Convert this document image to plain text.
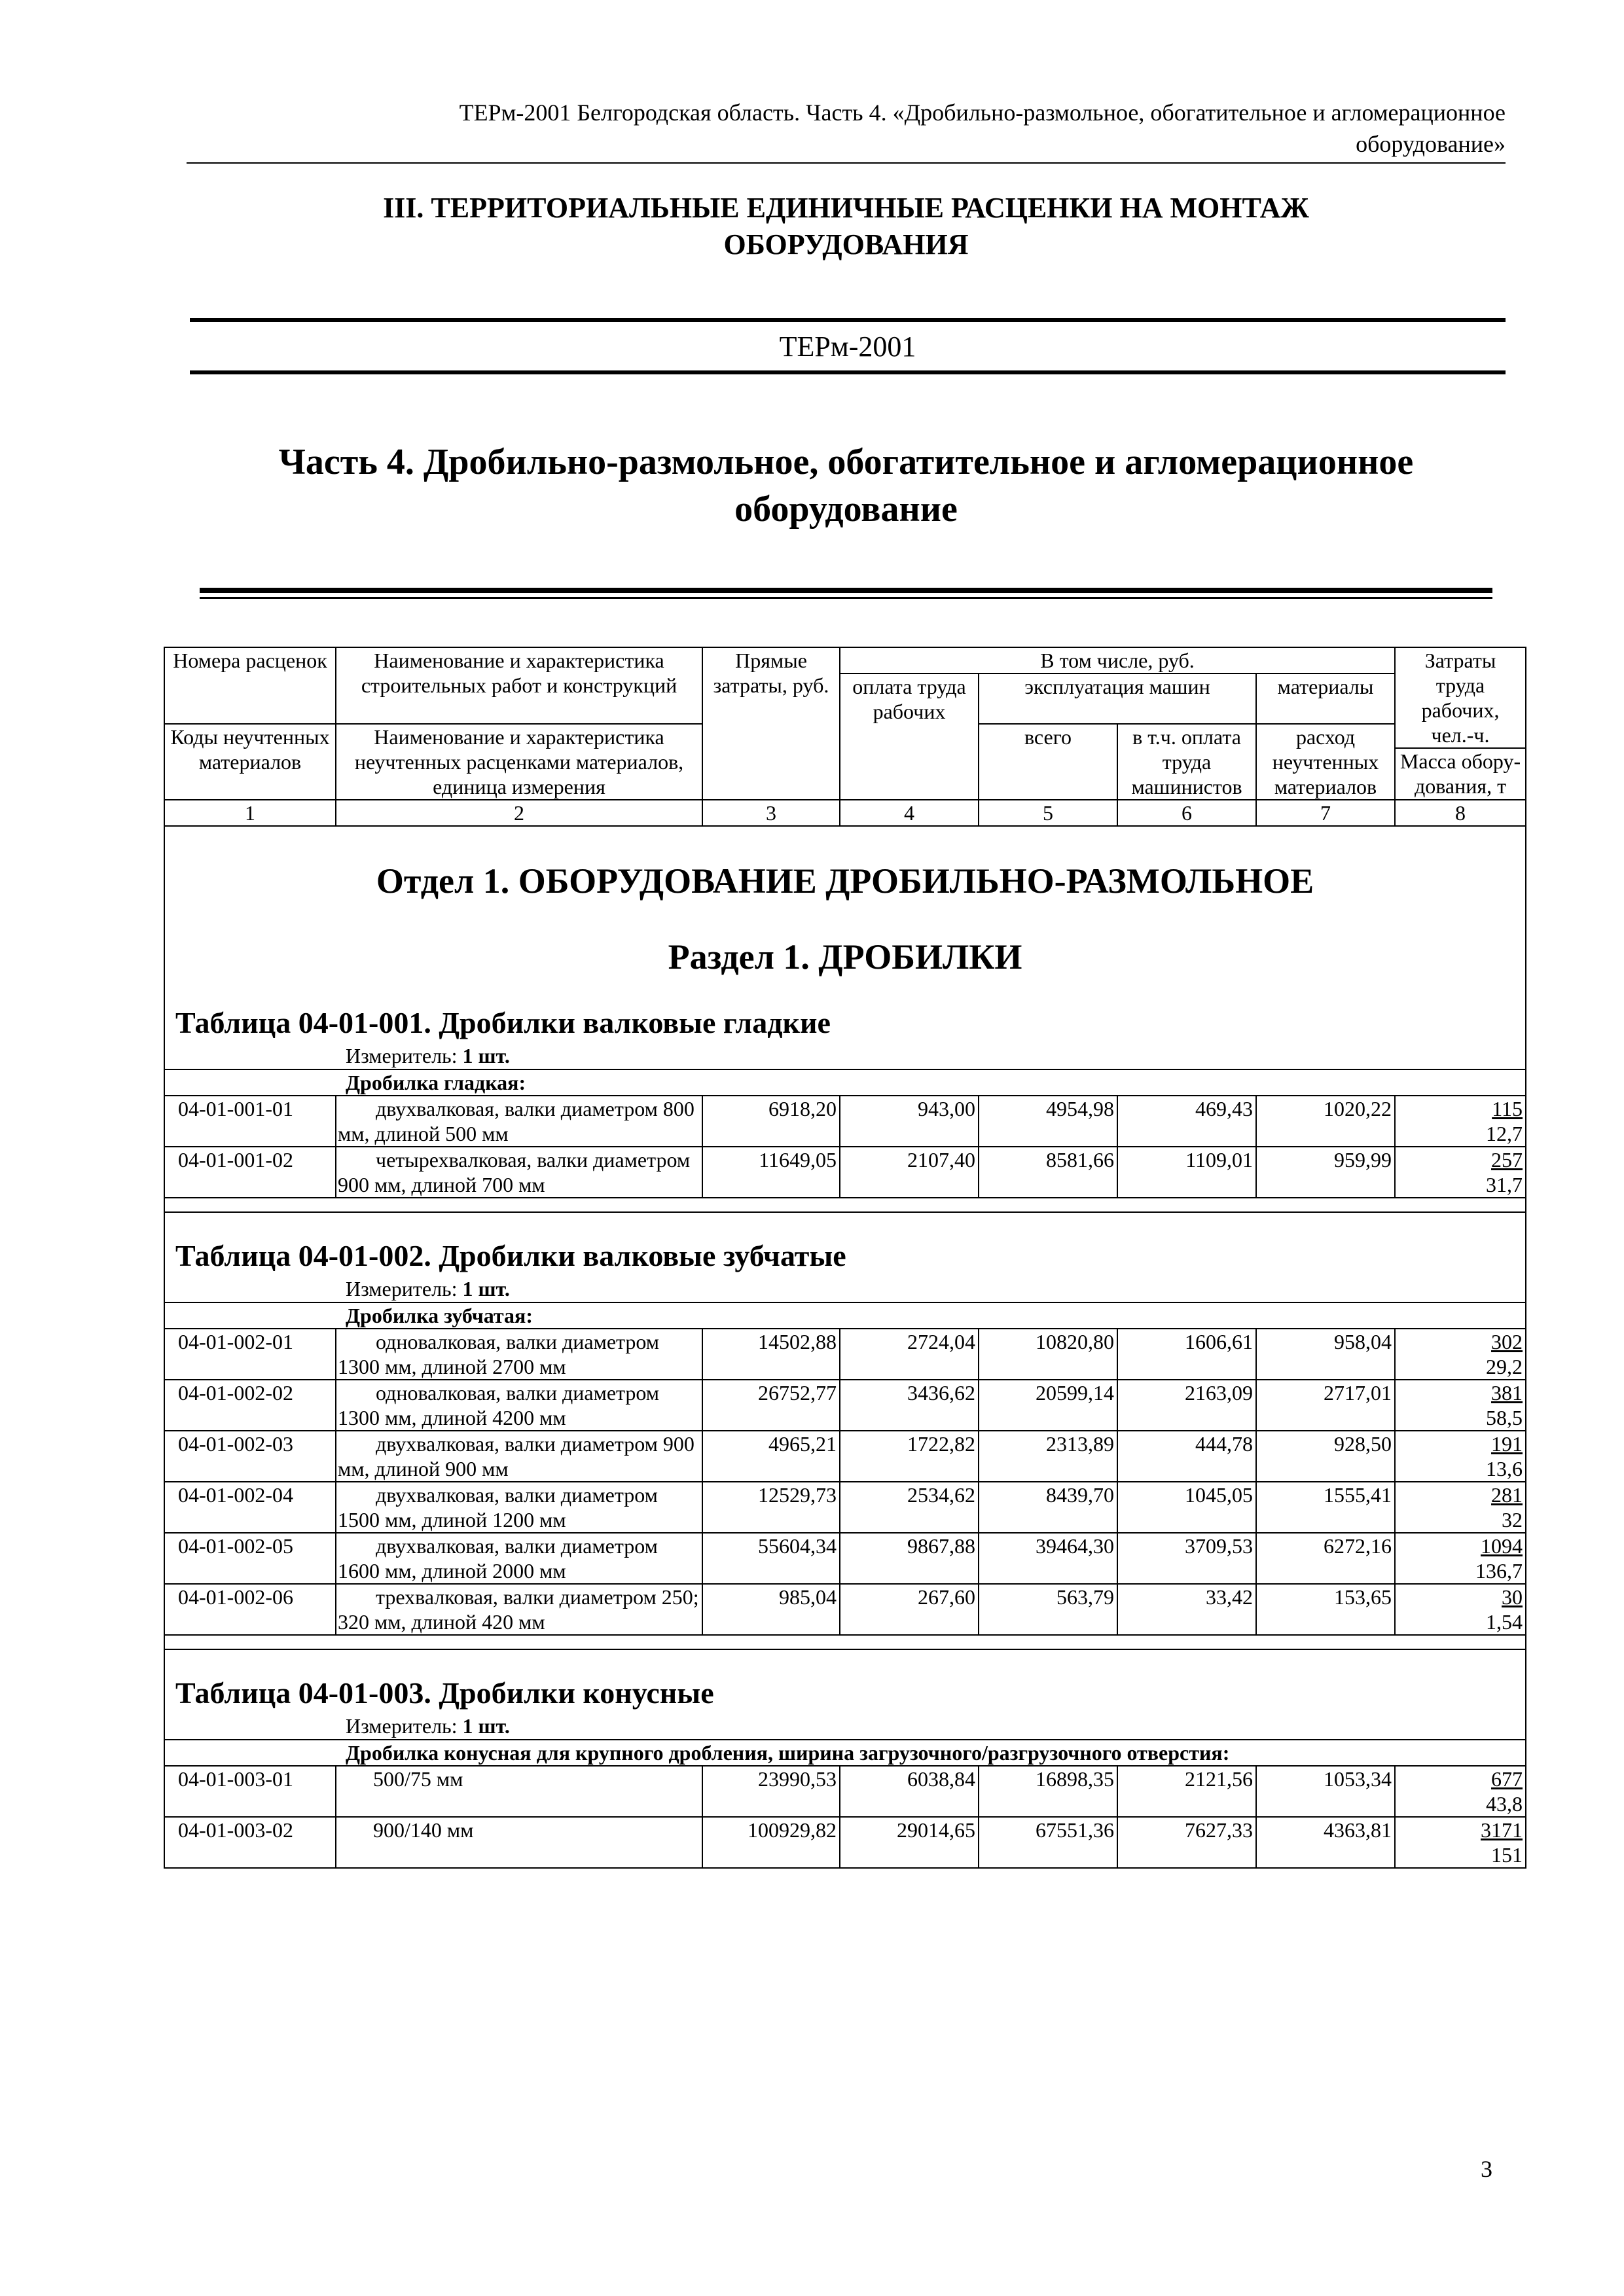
ТЕРм-2001 Белгородская область. Часть 4. «Дробильно-размольное, обогатительное и агломерационное
оборудование»
III. ТЕРРИТОРИАЛЬНЫЕ ЕДИНИЧНЫЕ РАСЦЕНКИ НА МОНТАЖ
ОБОРУДОВАНИЯ
ТЕРм-2001
Часть 4. Дробильно-размольное, обогатительное и агломерационное
оборудование
Номера расценок	Наименование и характеристика строительных работ и конструкций	Прямые затраты, руб.	В том числе, руб.				Затраты труда рабочих, чел.-ч.
			оплата труда рабочих	эксплуатация машин		материалы	
Коды неучтенных материалов	Наименование и характеристика неучтенных расценками материалов, единица измерения			всего	в т.ч. оплата труда машинистов	расход неучтенных материалов	
							Масса обору-дования, т
1	2	3	4	5	6	7	8

Отдел 1. ОБОРУДОВАНИЕ ДРОБИЛЬНО-РАЗМОЛЬНОЕ
Раздел 1. ДРОБИЛКИ							

Таблица 04-01-001. Дробилки валковые гладкие
Измеритель: 1 шт.							

Дробилка гладкая:							
04-01-001-01	двухвалковая, валки диаметром 800 мм, длиной 500 мм	6918,20	943,00	4954,98	469,43	1020,22	115
12,7

04-01-001-02	четырехвалковая, валки диаметром 900 мм, длиной 700 мм	11649,05	2107,40	8581,66	1109,01	959,99	257
31,7

Таблица 04-01-002. Дробилки валковые зубчатые
Измеритель: 1 шт.							

Дробилка зубчатая:							
04-01-002-01	одновалковая, валки диаметром 1300 мм, длиной 2700 мм	14502,88	2724,04	10820,80	1606,61	958,04	302
29,2

04-01-002-02	одновалковая, валки диаметром 1300 мм, длиной 4200 мм	26752,77	3436,62	20599,14	2163,09	2717,01	381
58,5

04-01-002-03	двухвалковая, валки диаметром 900 мм, длиной 900 мм	4965,21	1722,82	2313,89	444,78	928,50	191
13,6

04-01-002-04	двухвалковая, валки диаметром 1500 мм, длиной 1200 мм	12529,73	2534,62	8439,70	1045,05	1555,41	281
32

04-01-002-05	двухвалковая, валки диаметром 1600 мм, длиной 2000 мм	55604,34	9867,88	39464,30	3709,53	6272,16	1094
136,7

04-01-002-06	трехвалковая, валки диаметром 250; 320 мм, длиной 420 мм	985,04	267,60	563,79	33,42	153,65	30
1,54

Таблица 04-01-003. Дробилки конусные
Измеритель: 1 шт.							

Дробилка конусная для крупного дробления, ширина загрузочного/разгрузочного отверстия:							
04-01-003-01	500/75 мм	23990,53	6038,84	16898,35	2121,56	1053,34	677
43,8

04-01-003-02	900/140 мм	100929,82	29014,65	67551,36	7627,33	4363,81	3171
151
3
